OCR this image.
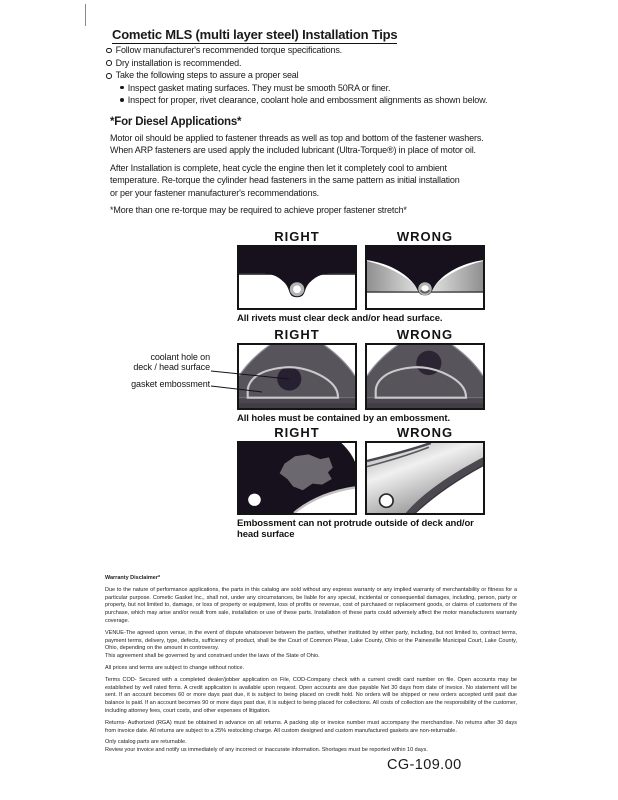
Cometic MLS (multi layer steel) Installation Tips
Follow manufacturer's recommended torque specifications.
Dry installation is recommended.
Take the following steps to assure a proper seal
Inspect gasket mating surfaces. They must be smooth 50RA or finer.
Inspect for proper, rivet clearance, coolant hole and embossment alignments as shown below.
*For Diesel Applications*
Motor oil should be applied to fastener threads as well as top and bottom of the fastener washers.
When ARP fasteners are used apply the included lubricant (Ultra-Torque®) in place of motor oil.
After Installation is complete, heat cycle the engine then let it completely cool to ambient
temperature. Re-torque the cylinder head fasteners in the same pattern as initial installation
or per your fastener manufacturer's recommendations.
*More than one re-torque may be required to achieve proper fastener stretch*
RIGHT	WRONG
All rivets must clear deck and/or head surface.
RIGHT	WRONG
All holes must be contained by an embossment.
coolant hole on
deck / head surface
gasket embossment
RIGHT	WRONG
Embossment can not protrude outside of deck and/or head surface
Warranty Disclaimer*

Due to the nature of performance applications, the parts in this catalog are sold without any express warranty or any implied warranty of merchantability or fitness for a particular purpose. Cometic Gasket Inc., shall not, under any circumstances, be liable for any special, incidental or consequential damages, including, person, party or property, but not limited to, damage, or loss of property or equipment, loss of profits or revenue, cost of purchased or replacement goods, or claims of customers of the purchase, which may arise and/or result from sale, installation or use of these parts. Installation of these parts could adversely affect the motor manufacturers warranty coverage.

VENUE-The agreed upon venue, in the event of dispute whatsoever between the parties, whether instituted by either party, including, but not limited to, contract terms, payment terms, delivery, type, defects, sufficiency of product, shall be the Court of Common Pleas, Lake County, Ohio or the Painesville Municipal Court, Lake County, Ohio, depending on the amount in controversy.

This agreement shall be governed by and construed under the laws of the State of Ohio.

All prices and terms are subject to change without notice.

Terms COD- Secured with a completed dealer/jobber application on File, COD-Company check with a current credit card number on file. Open accounts may be established by well rated firms. A credit application is available upon request. Open accounts are due payable Net 30 days from date of invoice. No statement will be sent. If an account becomes 60 or more days past due, it is subject to being placed on credit hold. No orders will be shipped or new orders accepted until past due balance is paid. If an account becomes 90 or more days past due, it is subject to being placed for collections. All costs of collection are the responsibility of the customer, including attorney fees, court costs, and other expenses of litigation.

Returns- Authorized (RGA) must be obtained in advance on all returns. A packing slip or invoice number must accompany the merchandise. No returns after 30 days from invoice date. All returns are subject to a 25% restocking charge. All custom designed and custom manufactured gaskets are non-returnable.

Only catalog parts are returnable.

Review your invoice and notify us immediately of any incorrect or inaccurate information. Shortages must be reported within 10 days.

CG-109.00
